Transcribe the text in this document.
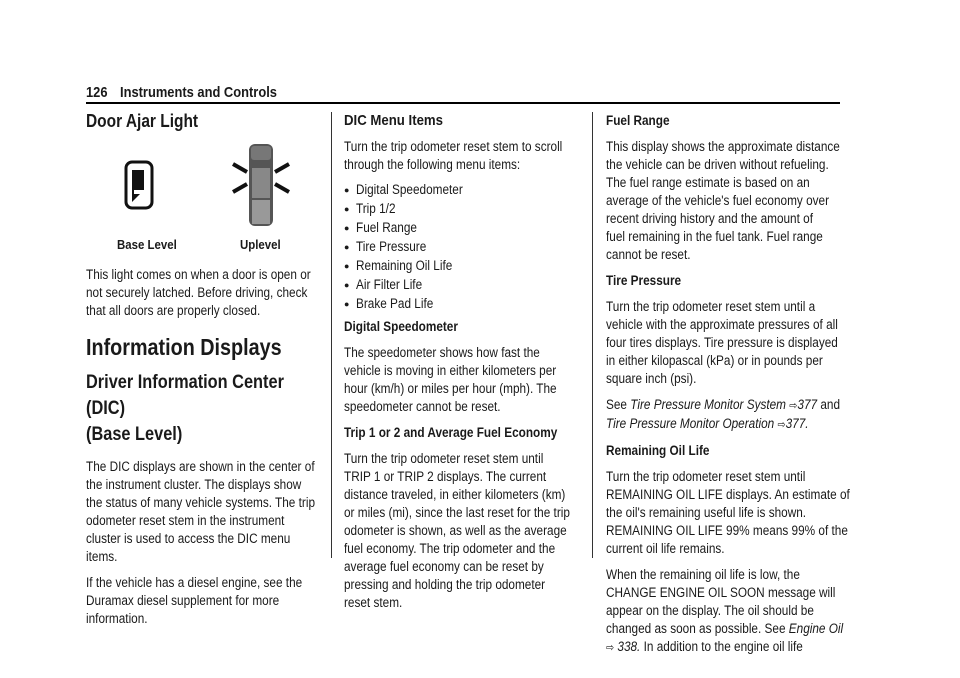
126 Instruments and Controls
Door Ajar Light
Base Level	Uplevel

This light comes on when a door is open or
not securely latched. Before driving, check
that all doors are properly closed.

Information Displays
Driver Information Center (DIC)
(Base Level)

The DIC displays are shown in the center of
the instrument cluster. The displays show
the status of many vehicle systems. The trip
odometer reset stem in the instrument
cluster is used to access the DIC menu
items.

If the vehicle has a diesel engine, see the
Duramax diesel supplement for more
information.

DIC Menu Items

Turn the trip odometer reset stem to scroll
through the following menu items:

● Digital Speedometer
● Trip 1/2
● Fuel Range
● Tire Pressure
● Remaining Oil Life
● Air Filter Life
● Brake Pad Life
Digital Speedometer

The speedometer shows how fast the
vehicle is moving in either kilometers per
hour (km/h) or miles per hour (mph). The
speedometer cannot be reset.

Trip 1 or 2 and Average Fuel Economy

Turn the trip odometer reset stem until
TRIP 1 or TRIP 2 displays. The current
distance traveled, in either kilometers (km)
or miles (mi), since the last reset for the trip
odometer is shown, as well as the average
fuel economy. The trip odometer and the
average fuel economy can be reset by
pressing and holding the trip odometer
reset stem.

Fuel Range

This display shows the approximate distance
the vehicle can be driven without refueling.
The fuel range estimate is based on an
average of the vehicle's fuel economy over
recent driving history and the amount of
fuel remaining in the fuel tank. Fuel range
cannot be reset.

Tire Pressure

Turn the trip odometer reset stem until a
vehicle with the approximate pressures of all
four tires displays. Tire pressure is displayed
in either kilopascal (kPa) or in pounds per
square inch (psi).

See Tire Pressure Monitor System ⇨377 and
Tire Pressure Monitor Operation ⇨377.

Remaining Oil Life

Turn the trip odometer reset stem until
REMAINING OIL LIFE displays. An estimate of
the oil's remaining useful life is shown.
REMAINING OIL LIFE 99% means 99% of the
current oil life remains.

When the remaining oil life is low, the
CHANGE ENGINE OIL SOON message will
appear on the display. The oil should be
changed as soon as possible. See Engine Oil
⇨ 338. In addition to the engine oil life
